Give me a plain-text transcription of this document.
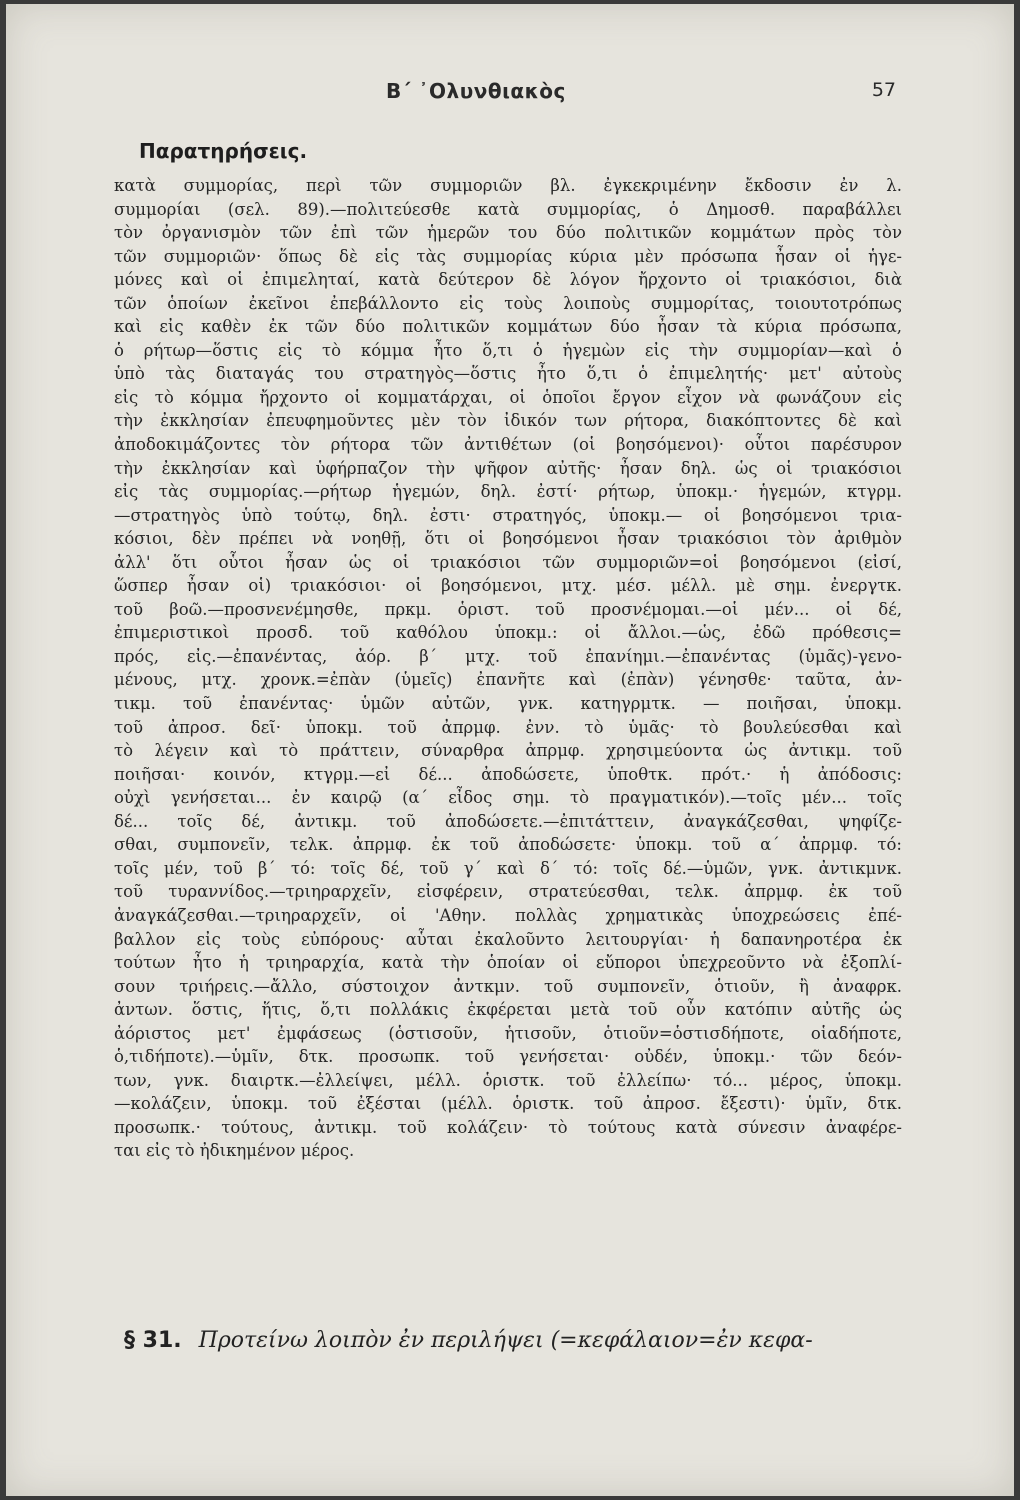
Β΄ ᾿Ολυνθιακὸς	57
Παρατηρήσεις.
κατὰ συμμορίας, περὶ τῶν συμμοριῶν βλ. ἐγκεκριμένην ἔκδοσιν ἐν λ.
συμμορίαι (σελ. 89).—πολιτεύεσθε κατὰ συμμορίας, ὁ Δημοσθ. παραβάλλει
τὸν ὀργανισμὸν τῶν ἐπὶ τῶν ἡμερῶν του δύο πολιτικῶν κομμάτων πρὸς τὸν
τῶν συμμοριῶν· ὅπως δὲ εἰς τὰς συμμορίας κύρια μὲν πρόσωπα ἦσαν οἱ ἡγε-
μόνες καὶ οἱ ἐπιμεληταί, κατὰ δεύτερον δὲ λόγον ἤρχοντο οἱ τριακόσιοι, διὰ
τῶν ὁποίων ἐκεῖνοι ἐπεβάλλοντο εἰς τοὺς λοιποὺς συμμορίτας, τοιουτοτρόπως
καὶ εἰς καθὲν ἐκ τῶν δύο πολιτικῶν κομμάτων δύο ἦσαν τὰ κύρια πρόσωπα,
ὁ ρήτωρ—ὅστις εἰς τὸ κόμμα ἦτο ὅ,τι ὁ ἡγεμὼν εἰς τὴν συμμορίαν—καὶ ὁ
ὑπὸ τὰς διαταγάς του στρατηγὸς—ὅστις ἦτο ὅ,τι ὁ ἐπιμελητής· μετ' αὐτοὺς
εἰς τὸ κόμμα ἤρχοντο οἱ κομματάρχαι, οἱ ὁποῖοι ἔργον εἶχον νὰ φωνάζουν εἰς
τὴν ἐκκλησίαν ἐπευφημοῦντες μὲν τὸν ἰδικόν των ρήτορα, διακόπτοντες δὲ καὶ
ἀποδοκιμάζοντες τὸν ρήτορα τῶν ἀντιθέτων (οἱ βοησόμενοι)· οὗτοι παρέσυρον
τὴν ἐκκλησίαν καὶ ὑφήρπαζον τὴν ψῆφον αὐτῆς· ἦσαν δηλ. ὡς οἱ τριακόσιοι
εἰς τὰς συμμορίας.—ρήτωρ ἡγεμών, δηλ. ἐστί· ρήτωρ, ὑποκμ.· ἡγεμών, κτγρμ.
—στρατηγὸς ὑπὸ τούτῳ, δηλ. ἐστι· στρατηγός, ὑποκμ.— οἱ βοησόμενοι τρια-
κόσιοι, δὲν πρέπει νὰ νοηθῇ, ὅτι οἱ βοησόμενοι ἦσαν τριακόσιοι τὸν ἀριθμὸν
ἀλλ' ὅτι οὗτοι ἦσαν ὡς οἱ τριακόσιοι τῶν συμμοριῶν=οἱ βοησόμενοι (εἰσί,
ὥσπερ ἦσαν οἱ) τριακόσιοι· οἱ βοησόμενοι, μτχ. μέσ. μέλλ. μὲ σημ. ἐνεργτκ.
τοῦ βοῶ.—προσνενέμησθε, πρκμ. ὁριστ. τοῦ προσνέμομαι.—οἱ μέν... οἱ δέ,
ἐπιμεριστικοὶ προσδ. τοῦ καθόλου ὑποκμ.: οἱ ἄλλοι.—ὡς, ἐδῶ πρόθεσις=
πρός, εἰς.—ἐπανέντας, ἀόρ. β΄ μτχ. τοῦ ἐπανίημι.—ἐπανέντας (ὑμᾶς)-γενο-
μένους, μτχ. χρονκ.=ἐπὰν (ὑμεῖς) ἐπανῆτε καὶ (ἐπὰν) γένησθε· ταῦτα, ἀν-
τικμ. τοῦ ἐπανέντας· ὑμῶν αὐτῶν, γνκ. κατηγρμτκ. — ποιῆσαι, ὑποκμ.
τοῦ ἀπροσ. δεῖ· ὑποκμ. τοῦ ἀπρμφ. ἐνν. τὸ ὑμᾶς· τὸ βουλεύεσθαι καὶ
τὸ λέγειν καὶ τὸ πράττειν, σύναρθρα ἀπρμφ. χρησιμεύοντα ὡς ἀντικμ. τοῦ
ποιῆσαι· κοινόν, κτγρμ.—εἰ δέ... ἀποδώσετε, ὑποθτκ. πρότ.· ἡ ἀπόδοσις:
οὐχὶ γενήσεται... ἐν καιρῷ (α΄ εἶδος σημ. τὸ πραγματικόν).—τοῖς μέν... τοῖς
δέ... τοῖς δέ, ἀντικμ. τοῦ ἀποδώσετε.—ἐπιτάττειν, ἀναγκάζεσθαι, ψηφίζε-
σθαι, συμπονεῖν, τελκ. ἀπρμφ. ἐκ τοῦ ἀποδώσετε· ὑποκμ. τοῦ α΄ ἀπρμφ. τό:
τοῖς μέν, τοῦ β΄ τό: τοῖς δέ, τοῦ γ΄ καὶ δ΄ τό: τοῖς δέ.—ὑμῶν, γνκ. ἀντικμνκ.
τοῦ τυραννίδος.—τριηραρχεῖν, εἰσφέρειν, στρατεύεσθαι, τελκ. ἀπρμφ. ἐκ τοῦ
ἀναγκάζεσθαι.—τριηραρχεῖν, οἱ 'Αθην. πολλὰς χρηματικὰς ὑποχρεώσεις ἐπέ-
βαλλον εἰς τοὺς εὐπόρους· αὗται ἐκαλοῦντο λειτουργίαι· ἡ δαπανηροτέρα ἐκ
τούτων ἦτο ἡ τριηραρχία, κατὰ τὴν ὁποίαν οἱ εὔποροι ὑπεχρεοῦντο νὰ ἐξοπλί-
σουν τριήρεις.—ἄλλο, σύστοιχον ἀντκμν. τοῦ συμπονεῖν, ὁτιοῦν, ἢ ἀναφρκ.
ἀντων. ὅστις, ἥτις, ὅ,τι πολλάκις ἐκφέρεται μετὰ τοῦ οὖν κατόπιν αὐτῆς ὡς
ἀόριστος μετ' ἐμφάσεως (ὁστισοῦν, ἡτισοῦν, ὁτιοῦν=ὁστισδήποτε, οἱαδήποτε,
ὁ,τιδήποτε).—ὑμῖν, δτκ. προσωπκ. τοῦ γενήσεται· οὐδέν, ὑποκμ.· τῶν δεόν-
των, γνκ. διαιρτκ.—ἐλλείψει, μέλλ. ὁριστκ. τοῦ ἐλλείπω· τό... μέρος, ὑποκμ.
—κολάζειν, ὑποκμ. τοῦ ἐξέσται (μέλλ. ὁριστκ. τοῦ ἀπροσ. ἔξεστι)· ὑμῖν, δτκ.
προσωπκ.· τούτους, ἀντικμ. τοῦ κολάζειν· τὸ τούτους κατὰ σύνεσιν ἀναφέρε-
ται εἰς τὸ ἠδικημένον μέρος.
§ 31. Προτείνω λοιπὸν ἐν περιλήψει (=κεφάλαιον=ἐν κεφα-
